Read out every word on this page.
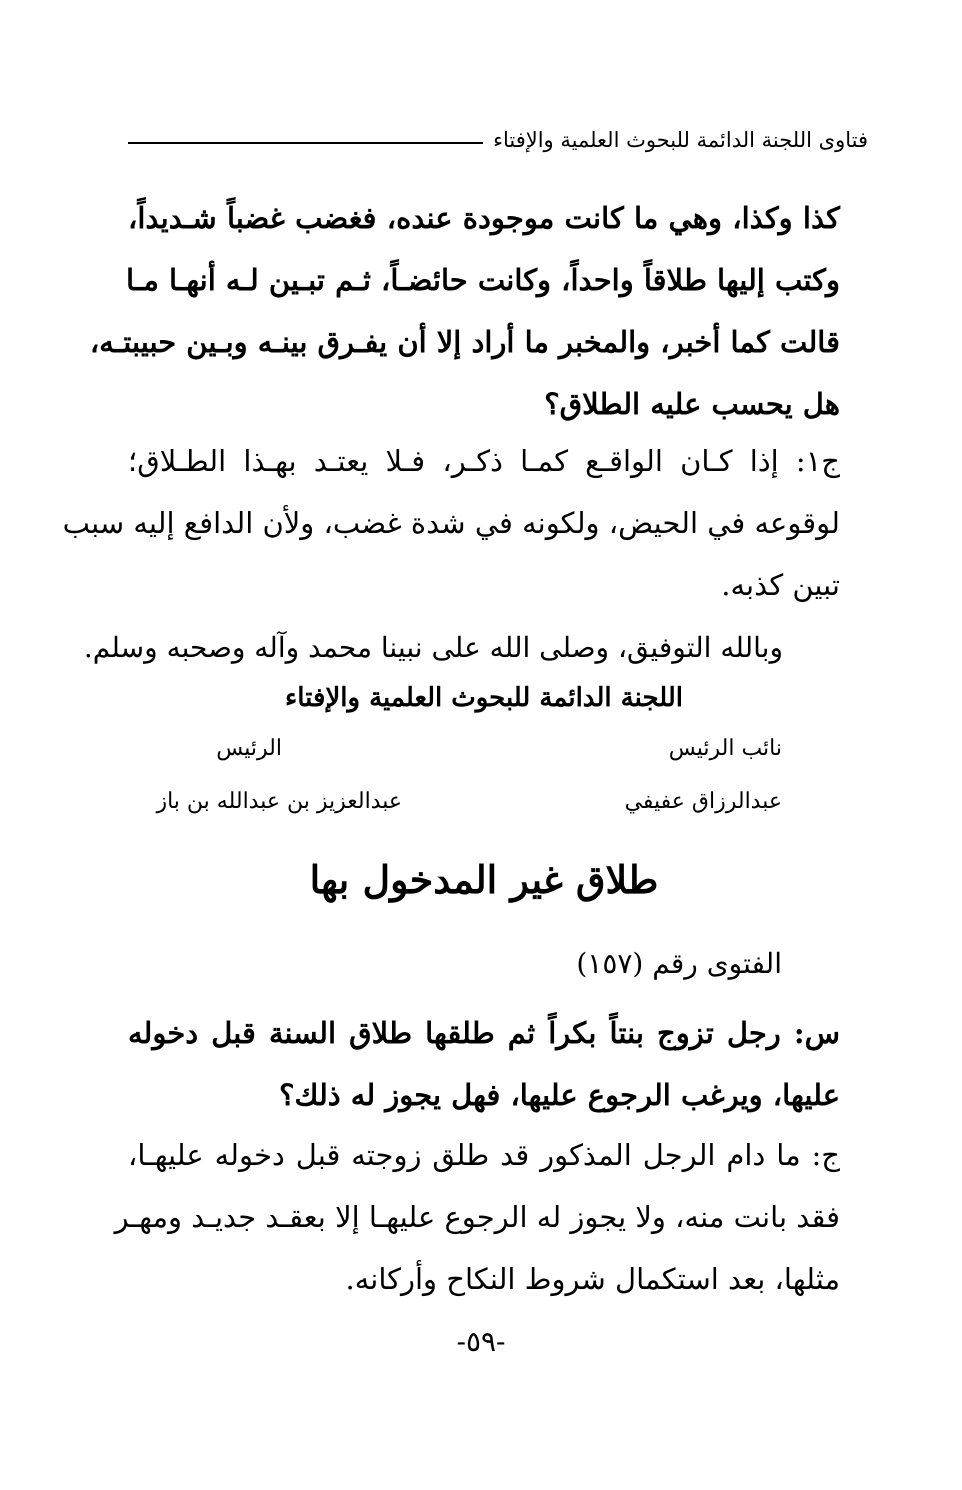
فتاوى اللجنة الدائمة للبحوث العلمية والإفتاء
كذا وكذا، وهي ما كانت موجودة عنده، فغضب غضباً شـديداً،
وكتب إليها طلاقاً واحداً، وكانت حائضـاً، ثـم تبـين لـه أنهـا مـا
قالت كما أخبر، والمخبر ما أراد إلا أن يفـرق بينـه وبـين حبيبتـه،
هل يحسب عليه الطلاق؟
ج١: إذا كـان الواقـع كمـا ذكـر، فـلا يعتـد بهـذا الطـلاق؛
لوقوعه في الحيض، ولكونه في شدة غضب، ولأن الدافع إليه سبب
تبين كذبه.
وبالله التوفيق، وصلى الله على نبينا محمد وآله وصحبه وسلم.
اللجنة الدائمة للبحوث العلمية والإفتاء
نائب الرئيس
الرئيس
عبدالرزاق عفيفي
عبدالعزيز بن عبدالله بن باز
طلاق غير المدخول بها
الفتوى رقم (١٥٧)
س: رجل تزوج بنتاً بكراً ثم طلقها طلاق السنة قبل دخوله
عليها، ويرغب الرجوع عليها، فهل يجوز له ذلك؟
ج: ما دام الرجل المذكور قد طلق زوجته قبل دخوله عليهـا،
فقد بانت منه، ولا يجوز له الرجوع عليهـا إلا بعقـد جديـد ومهـر
مثلها، بعد استكمال شروط النكاح وأركانه.
-٥٩-
